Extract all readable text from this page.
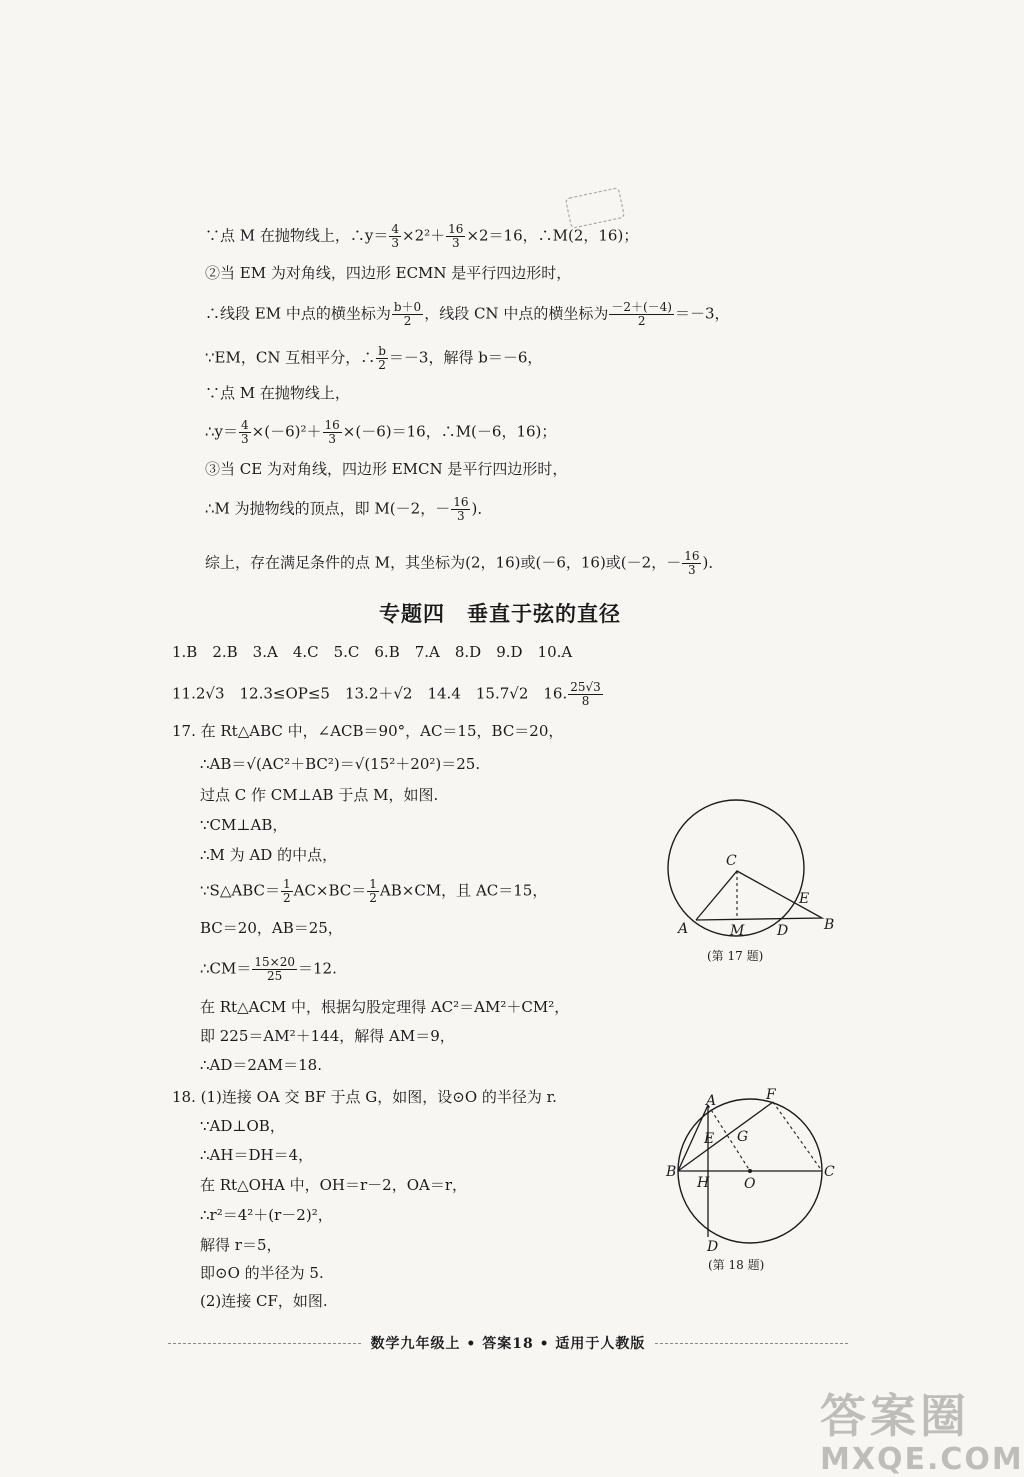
∵点 M 在抛物线上，∴y＝ $\frac{4}{3} \times 2^2+ \frac{16}{3} \times 2=16$，∴M(2，16)；
②当 EM 为对角线，四边形 ECMN 是平行四边形时，
∴线段 EM 中点的横坐标为 $\frac{b+0}{2}$ ，线段 CN 中点的横坐标为 $\frac{-2+(-4)}{2} =-3$，
∵EM，CN 互相平分，∴ $\frac{b}{2} =-3$，解得 b＝－6，
∵点 M 在抛物线上，
∴y＝ $\frac{4}{3} \times(-6)^2+ \frac{16}{3} \times(-6)=16$，∴M(－6，16)；
③当 CE 为对角线，四边形 EMCN 是平行四边形时，
∴M 为抛物线的顶点，即 M(－2，－ $\frac{16}{3}$ )．
综上，存在满足条件的点 M，其坐标为(2，16)或(－6，16)或(－2，－ $\frac{16}{3}$ )．
专题四　垂直于弦的直径
1.B　2.B　3.A　4.C　5.C　6.B　7.A　8.D　9.D　10.A
11.2√3　12.3≤OP≤5　13.2＋√2　14.4　15.7√2　16. $\frac{25√3}{8}$
17. 在 Rt△ABC 中，∠ACB＝90°，AC＝15，BC＝20，
∴AB＝√(AC²＋BC²)＝√(15²＋20²)＝25.
过点 C 作 CM⊥AB 于点 M，如图.
∵CM⊥AB，
∴M 为 AD 的中点，
∵S△ABC＝ $\frac{1}{2} AC\times BC= \frac{1}{2} AB\times CM$，且 AC＝15，
BC＝20，AB＝25，
∴CM＝ $\frac{15\times 20}{25} =12$.
在 Rt△ACM 中，根据勾股定理得 AC²＝AM²＋CM²，
即 225＝AM²＋144，解得 AM＝9，
∴AD＝2AM＝18.
C
A	M D
E
B
(第 17 题)
18. (1)连接 OA 交 BF 于点 G，如图，设⊙O 的半径为 r.
∵AD⊥OB，
∴AH＝DH＝4，
在 Rt△OHA 中，OH＝r－2，OA＝r，
∴r²＝4²＋(r－2)²，
解得 r＝5，
即⊙O 的半径为 5.
(2)连接 CF，如图.
A	F
E G
B
H O
C
D
(第 18 题)
数学九年级上 • 答案18 • 适用于人教版
答案圈
MXQE.COM
